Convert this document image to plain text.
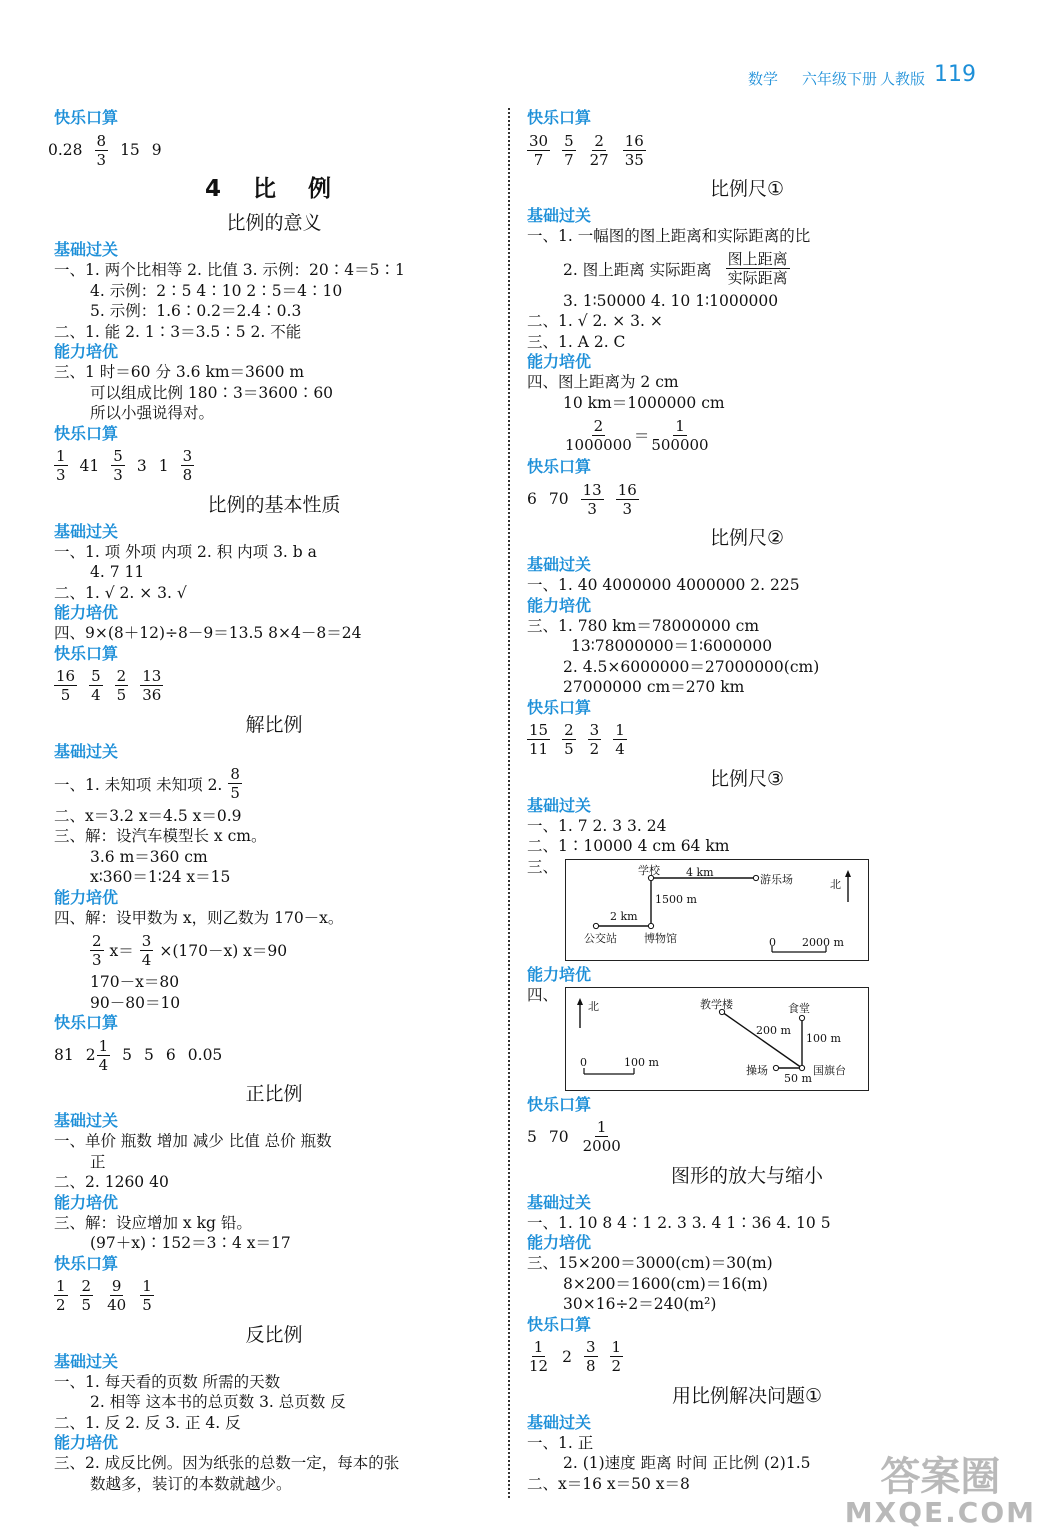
数学 六年级下册 人教版 119
快乐口算
0.28
8
3
15 9
4 比 例
比例的意义
基础过关
一、1. 两个比相等 2. 比值 3. 示例：20∶4＝5∶1
4. 示例：2∶5 4∶10 2∶5＝4∶10
5. 示例：1.6∶0.2＝2.4∶0.3
二、1. 能 2. 1∶3＝3.5∶5 2. 不能
能力培优
三、1 时＝60 分 3.6 km＝3600 m
可以组成比例 180∶3＝3600∶60
所以小强说得对。
快乐口算
1
3
41
5
3
3 1
3
8
比例的基本性质
基础过关
一、1. 项 外项 内项 2. 积 内项 3. b a
4. 7 11
二、1. √ 2. × 3. √
能力培优
四、9×(8＋12)÷8－9＝13.5 8×4－8＝24
快乐口算
16
5
5
4
2
5
13
36
解比例
基础过关
一、1. 未知项 未知项 2.
8
5
二、x＝3.2 x＝4.5 x＝0.9
三、解：设汽车模型长 x cm。
3.6 m＝360 cm
x∶360＝1∶24 x＝15
能力培优
四、解：设甲数为 x，则乙数为 170－x。
2
3 $x= \frac{3}{4} \times(170-x)$ x＝90
170－x＝80
90－80＝10
快乐口算
81 2
1
4
5 5 6 0.05
正比例
基础过关
一、单价 瓶数 增加 减少 比值 总价 瓶数
正
二、2. 1260 40
能力培优
三、解：设应增加 x kg 铅。
(97＋x)∶152＝3∶4 x＝17
快乐口算
1
2
2
5
9
40
1
5
反比例
基础过关
一、1. 每天看的页数 所需的天数
2. 相等 这本书的总页数 3. 总页数 反
二、1. 反 2. 反 3. 正 4. 反
能力培优
三、2. 成反比例。因为纸张的总数一定，每本的张
数越多，装订的本数就越少。
快乐口算
30
7
5
7
2
27
16
35
比例尺①
基础过关
一、1. 一幅图的图上距离和实际距离的比
2. 图上距离 实际距离
图上距离
实际距离
3. 1∶50000 4. 10 1∶1000000
二、1. √ 2. × 3. ×
三、1. A 2. C
能力培优
四、图上距离为 2 cm
10 km＝1000000 cm
2
1000000 ＝
1
500000
快乐口算
6 70
13
3
16
3
比例尺②
基础过关
一、1. 40 4000000 4000000 2. 225
能力培优
三、1. 780 km＝78000000 cm
13∶78000000＝1∶6000000
2. 4.5×6000000＝27000000(cm)
27000000 cm＝270 km
快乐口算
15
11
2
5
3
2
1
4
比例尺③
基础过关
一、1. 7 2. 3 3. 24
二、1∶10000 4 cm 64 km
三、	学校 4 km
游乐场	北
1500 m
2 km
公交站 博物馆	0 2000 m
能力培优
四、
北	教学楼	食堂
200 m
100 m
操场
50 m
国旗台
0	100 m
快乐口算
5 70
1
2000
图形的放大与缩小
基础过关
一、1. 10 8 4∶1 2. 3 3. 4 1∶36 4. 10 5
能力培优
三、15×200＝3000(cm)＝30(m)
8×200＝1600(cm)＝16(m)
30×16÷2＝240(m²)
快乐口算
1
12
2
3
8
1
2
用比例解决问题①
基础过关
一、1. 正
2. (1)速度 距离 时间 正比例 (2)1.5
二、x＝16 x＝50 x＝8	答案圈
MXQE.COM
